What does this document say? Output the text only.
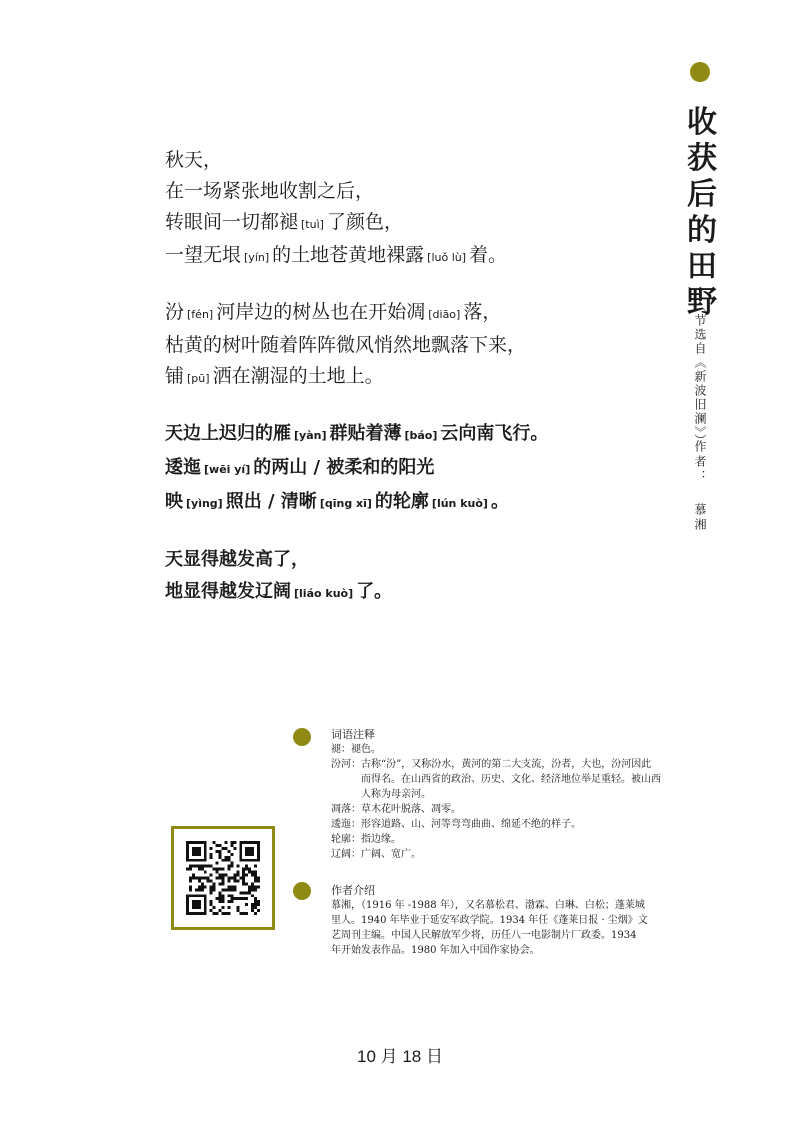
收获后的田野
（节选自《新波旧澜》）
作者：慕湘
秋天，
在一场紧张地收割之后，
转眼间一切都褪 [tuì] 了颜色，
一望无垠 [yín] 的土地苍黄地裸露 [luǒ lù] 着。
汾 [fén] 河岸边的树丛也在开始凋 [diāo] 落，
枯黄的树叶随着阵阵微风悄然地飘落下来，
铺 [pū] 洒在潮湿的土地上。
天边上迟归的雁 [yàn] 群贴着薄 [báo] 云向南飞行。
逶迤 [wēi yí] 的两山 / 被柔和的阳光
映 [yìng] 照出 / 清晰 [qīng xī] 的轮廓 [lún kuò] 。
天显得越发高了，
地显得越发辽阔 [liáo kuò] 了。
词语注释
褪： 褪色。
汾河： 古称“汾”，又称汾水，黄河的第二大支流，汾者，大也，汾河因此而得名。在山西省的政治、历史、文化、经济地位举足重轻。被山西人称为母亲河。
凋落： 草木花叶脱落、凋零。
逶迤： 形容道路、山、河等弯弯曲曲、绵延不绝的样子。
轮廓： 指边缘。
辽阔： 广阔、宽广。
作者介绍
慕湘，（1916 年 -1988 年），又名慕松君、渤霖、白琳、白松；蓬莱城里人。1940 年毕业于延安军政学院。1934 年任《蓬莱日报 · 尘烟》文艺周刊主编。中国人民解放军少将，历任八一电影制片厂政委。1934 年开始发表作品。1980 年加入中国作家协会。
10 月 18 日
